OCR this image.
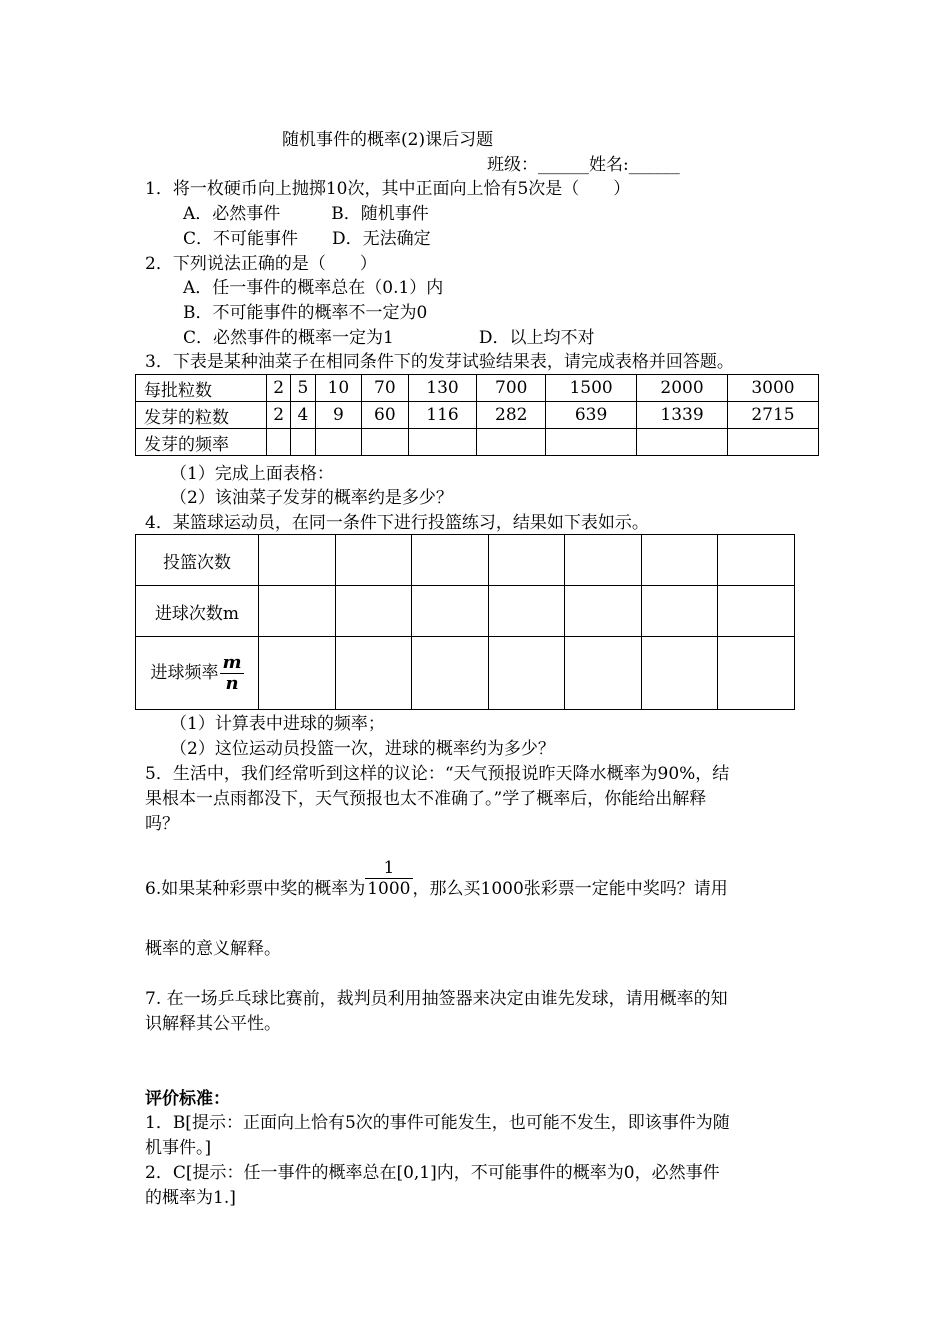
随机事件的概率(2)课后习题
班级：______姓名:______
1．将一枚硬币向上抛掷10次，其中正面向上恰有5次是（　　）
A．必然事件　　　B．随机事件
C．不可能事件　　D．无法确定
2．下列说法正确的是（　　）
A．任一事件的概率总在（0.1）内
B．不可能事件的概率不一定为0
C．必然事件的概率一定为1　　　　　D．以上均不对
3．下表是某种油菜子在相同条件下的发芽试验结果表，请完成表格并回答题。
每批粒数	2	5	10	70	130	700	1500	2000	3000
发芽的粒数	2	4	9	60	116	282	639	1339	2715
发芽的频率									
（1）完成上面表格：
（2）该油菜子发芽的概率约是多少？
4．某篮球运动员，在同一条件下进行投篮练习，结果如下表如示。
投篮次数							
进球次数m							
进球频率 $\frac{m}{n}$

（1）计算表中进球的频率；
（2）这位运动员投篮一次，进球的概率约为多少？
5．生活中，我们经常听到这样的议论：“天气预报说昨天降水概率为90%，结
果根本一点雨都没下，天气预报也太不准确了。”学了概率后，你能给出解释
吗？
6.如果某种彩票中奖的概率为 $\frac{1}{1000}$ ，那么买1000张彩票一定能中奖吗？请用
概率的意义解释。
7. 在一场乒乓球比赛前，裁判员利用抽签器来决定由谁先发球，请用概率的知
识解释其公平性。
评价标准：
1．B[提示：正面向上恰有5次的事件可能发生，也可能不发生，即该事件为随
机事件。]
2．C[提示：任一事件的概率总在[0,1]内，不可能事件的概率为0，必然事件
的概率为1.]
